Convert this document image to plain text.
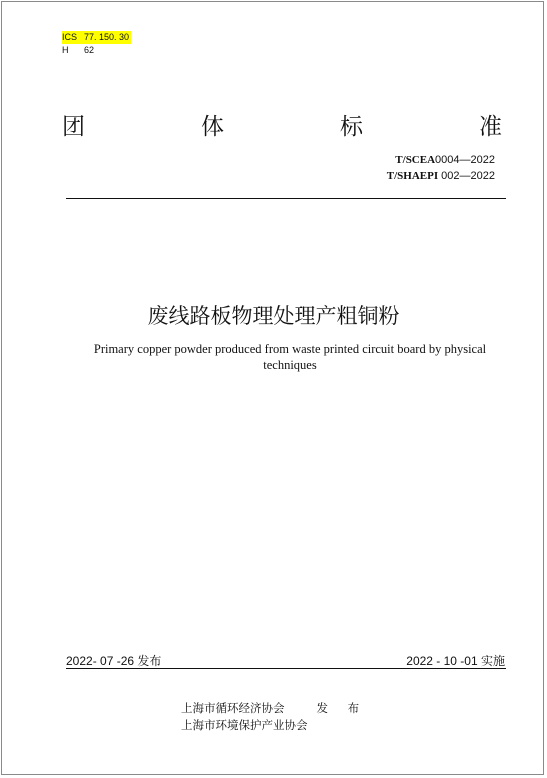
ICS 77. 150. 30
H	62
团	体	标	准
T/SCEA0004—2022
T/SHAEPI 002—2022
废线路板物理处理产粗铜粉
Primary copper powder produced from waste printed circuit board by physical techniques
2022- 07 -26 发布	2022 - 10 -01 实施
上海市循环经济协会	发 布
上海市环境保护产业协会
